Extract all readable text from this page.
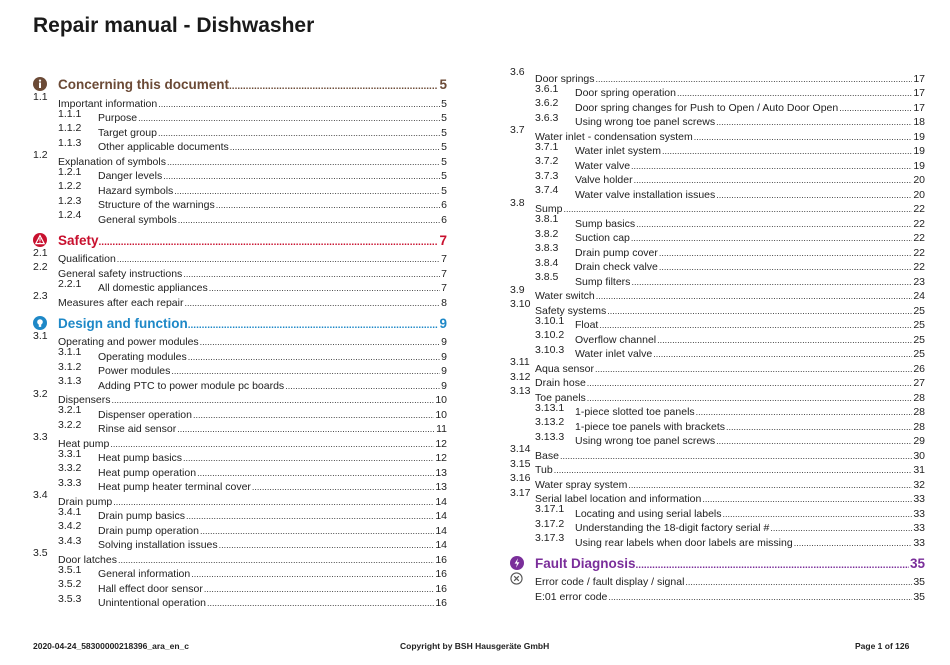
Repair manual - Dishwasher
Concerning this document .....	5
1.1
Important information .....	5
1.1.1 Purpose .....	5
1.1.2 Target group .....	5
1.1.3 Other applicable documents .....	5
1.2
Explanation of symbols .....	5
1.2.1 Danger levels .....	5
1.2.2 Hazard symbols .....	5
1.2.3 Structure of the warnings .....	6
1.2.4 General symbols .....	6
Safety .....	7
2.1
Qualification .....	7
2.2
General safety instructions .....	7
2.2.1 All domestic appliances .....	7
2.3
Measures after each repair .....	8
Design and function .....	9
3.1
Operating and power modules .....	9
3.1.1 Operating modules .....	9
3.1.2 Power modules .....	9
3.1.3 Adding PTC to power module pc boards .....	9
3.2
Dispensers .....	10
3.2.1 Dispenser operation .....	10
3.2.2 Rinse aid sensor .....	11
3.3
Heat pump .....	12
3.3.1 Heat pump basics .....	12
3.3.2 Heat pump operation .....	13
3.3.3 Heat pump heater terminal cover .....	13
3.4
Drain pump .....	14
3.4.1 Drain pump basics .....	14
3.4.2 Drain pump operation .....	14
3.4.3 Solving installation issues .....	14
3.5
Door latches .....	16
3.5.1 General information .....	16
3.5.2 Hall effect door sensor .....	16
3.5.3 Unintentional operation .....	16
3.6
Door springs .....	17
3.6.1 Door spring operation .....	17
3.6.2 Door spring changes for Push to Open / Auto Door Open .....	17
3.6.3 Using wrong toe panel screws .....	18
3.7
Water inlet - condensation system .....	19
3.7.1 Water inlet system .....	19
3.7.2 Water valve .....	19
3.7.3 Valve holder .....	20
3.7.4 Water valve installation issues .....	20
3.8
Sump .....	22
3.8.1 Sump basics .....	22
3.8.2 Suction cap .....	22
3.8.3 Drain pump cover .....	22
3.8.4 Drain check valve .....	22
3.8.5 Sump filters .....	23
3.9
Water switch .....	24
3.10
Safety systems .....	25
3.10.1 Float .....	25
3.10.2 Overflow channel .....	25
3.10.3 Water inlet valve .....	25
3.11
Aqua sensor .....	26
3.12
Drain hose .....	27
3.13
Toe panels .....	28
3.13.1 1-piece slotted toe panels .....	28
3.13.2 1-piece toe panels with brackets .....	28
3.13.3 Using wrong toe panel screws .....	29
3.14
Base .....	30
3.15
Tub .....	31
3.16
Water spray system .....	32
3.17
Serial label location and information .....	33
3.17.1 Locating and using serial labels .....	33
3.17.2 Understanding the 18-digit factory serial # .....	33
3.17.3 Using rear labels when door labels are missing .....	33
Fault Diagnosis .....	35
Error code / fault display / signal .....	35
E:01 error code .....	35
2020-04-24_58300000218396_ara_en_c	Copyright by BSH Hausgeräte GmbH	Page 1 of 126
